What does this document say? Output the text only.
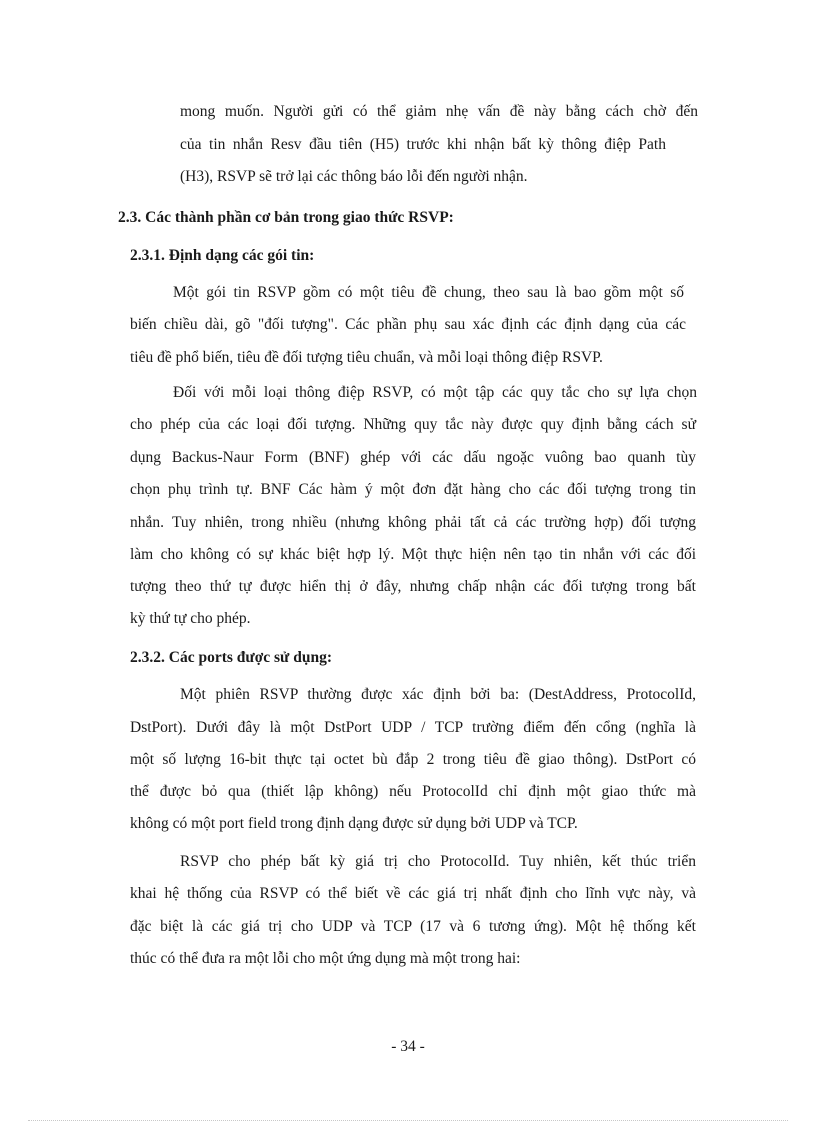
mong muốn. Người gửi có thể giảm nhẹ vấn đề này bằng cách chờ đến
của tin nhắn Resv đầu tiên (H5) trước khi nhận bất kỳ thông điệp Path
(H3), RSVP sẽ trở lại các thông báo lỗi đến người nhận.
2.3. Các thành phần cơ bản trong giao thức RSVP:
2.3.1. Định dạng các gói tin:
Một gói tin RSVP gồm có một tiêu đề chung, theo sau là bao gồm một số
biến chiều dài, gõ "đối tượng". Các phần phụ sau xác định các định dạng của các
tiêu đề phổ biến, tiêu đề đối tượng tiêu chuẩn, và mỗi loại thông điệp RSVP.
Đối với mỗi loại thông điệp RSVP, có một tập các quy tắc cho sự lựa chọn
cho phép của các loại đối tượng. Những quy tắc này được quy định bằng cách sử
dụng Backus-Naur Form (BNF) ghép với các dấu ngoặc vuông bao quanh tùy
chọn phụ trình tự. BNF Các hàm ý một đơn đặt hàng cho các đối tượng trong tin
nhắn. Tuy nhiên, trong nhiều (nhưng không phải tất cả các trường hợp) đối tượng
làm cho không có sự khác biệt hợp lý. Một thực hiện nên tạo tin nhắn với các đối
tượng theo thứ tự được hiển thị ở đây, nhưng chấp nhận các đối tượng trong bất
kỳ thứ tự cho phép.
2.3.2. Các ports được sử dụng:
Một phiên RSVP thường được xác định bởi ba: (DestAddress, ProtocolId,
DstPort). Dưới đây là một DstPort UDP / TCP trường điểm đến cổng (nghĩa là
một số lượng 16-bit thực tại octet bù đắp 2 trong tiêu đề giao thông). DstPort có
thể được bỏ qua (thiết lập không) nếu ProtocolId chỉ định một giao thức mà
không có một port field trong định dạng được sử dụng bởi UDP và TCP.
RSVP cho phép bất kỳ giá trị cho ProtocolId. Tuy nhiên, kết thúc triển
khai hệ thống của RSVP có thể biết về các giá trị nhất định cho lĩnh vực này, và
đặc biệt là các giá trị cho UDP và TCP (17 và 6 tương ứng). Một hệ thống kết
thúc có thể đưa ra một lỗi cho một ứng dụng mà một trong hai:
- 34 -
